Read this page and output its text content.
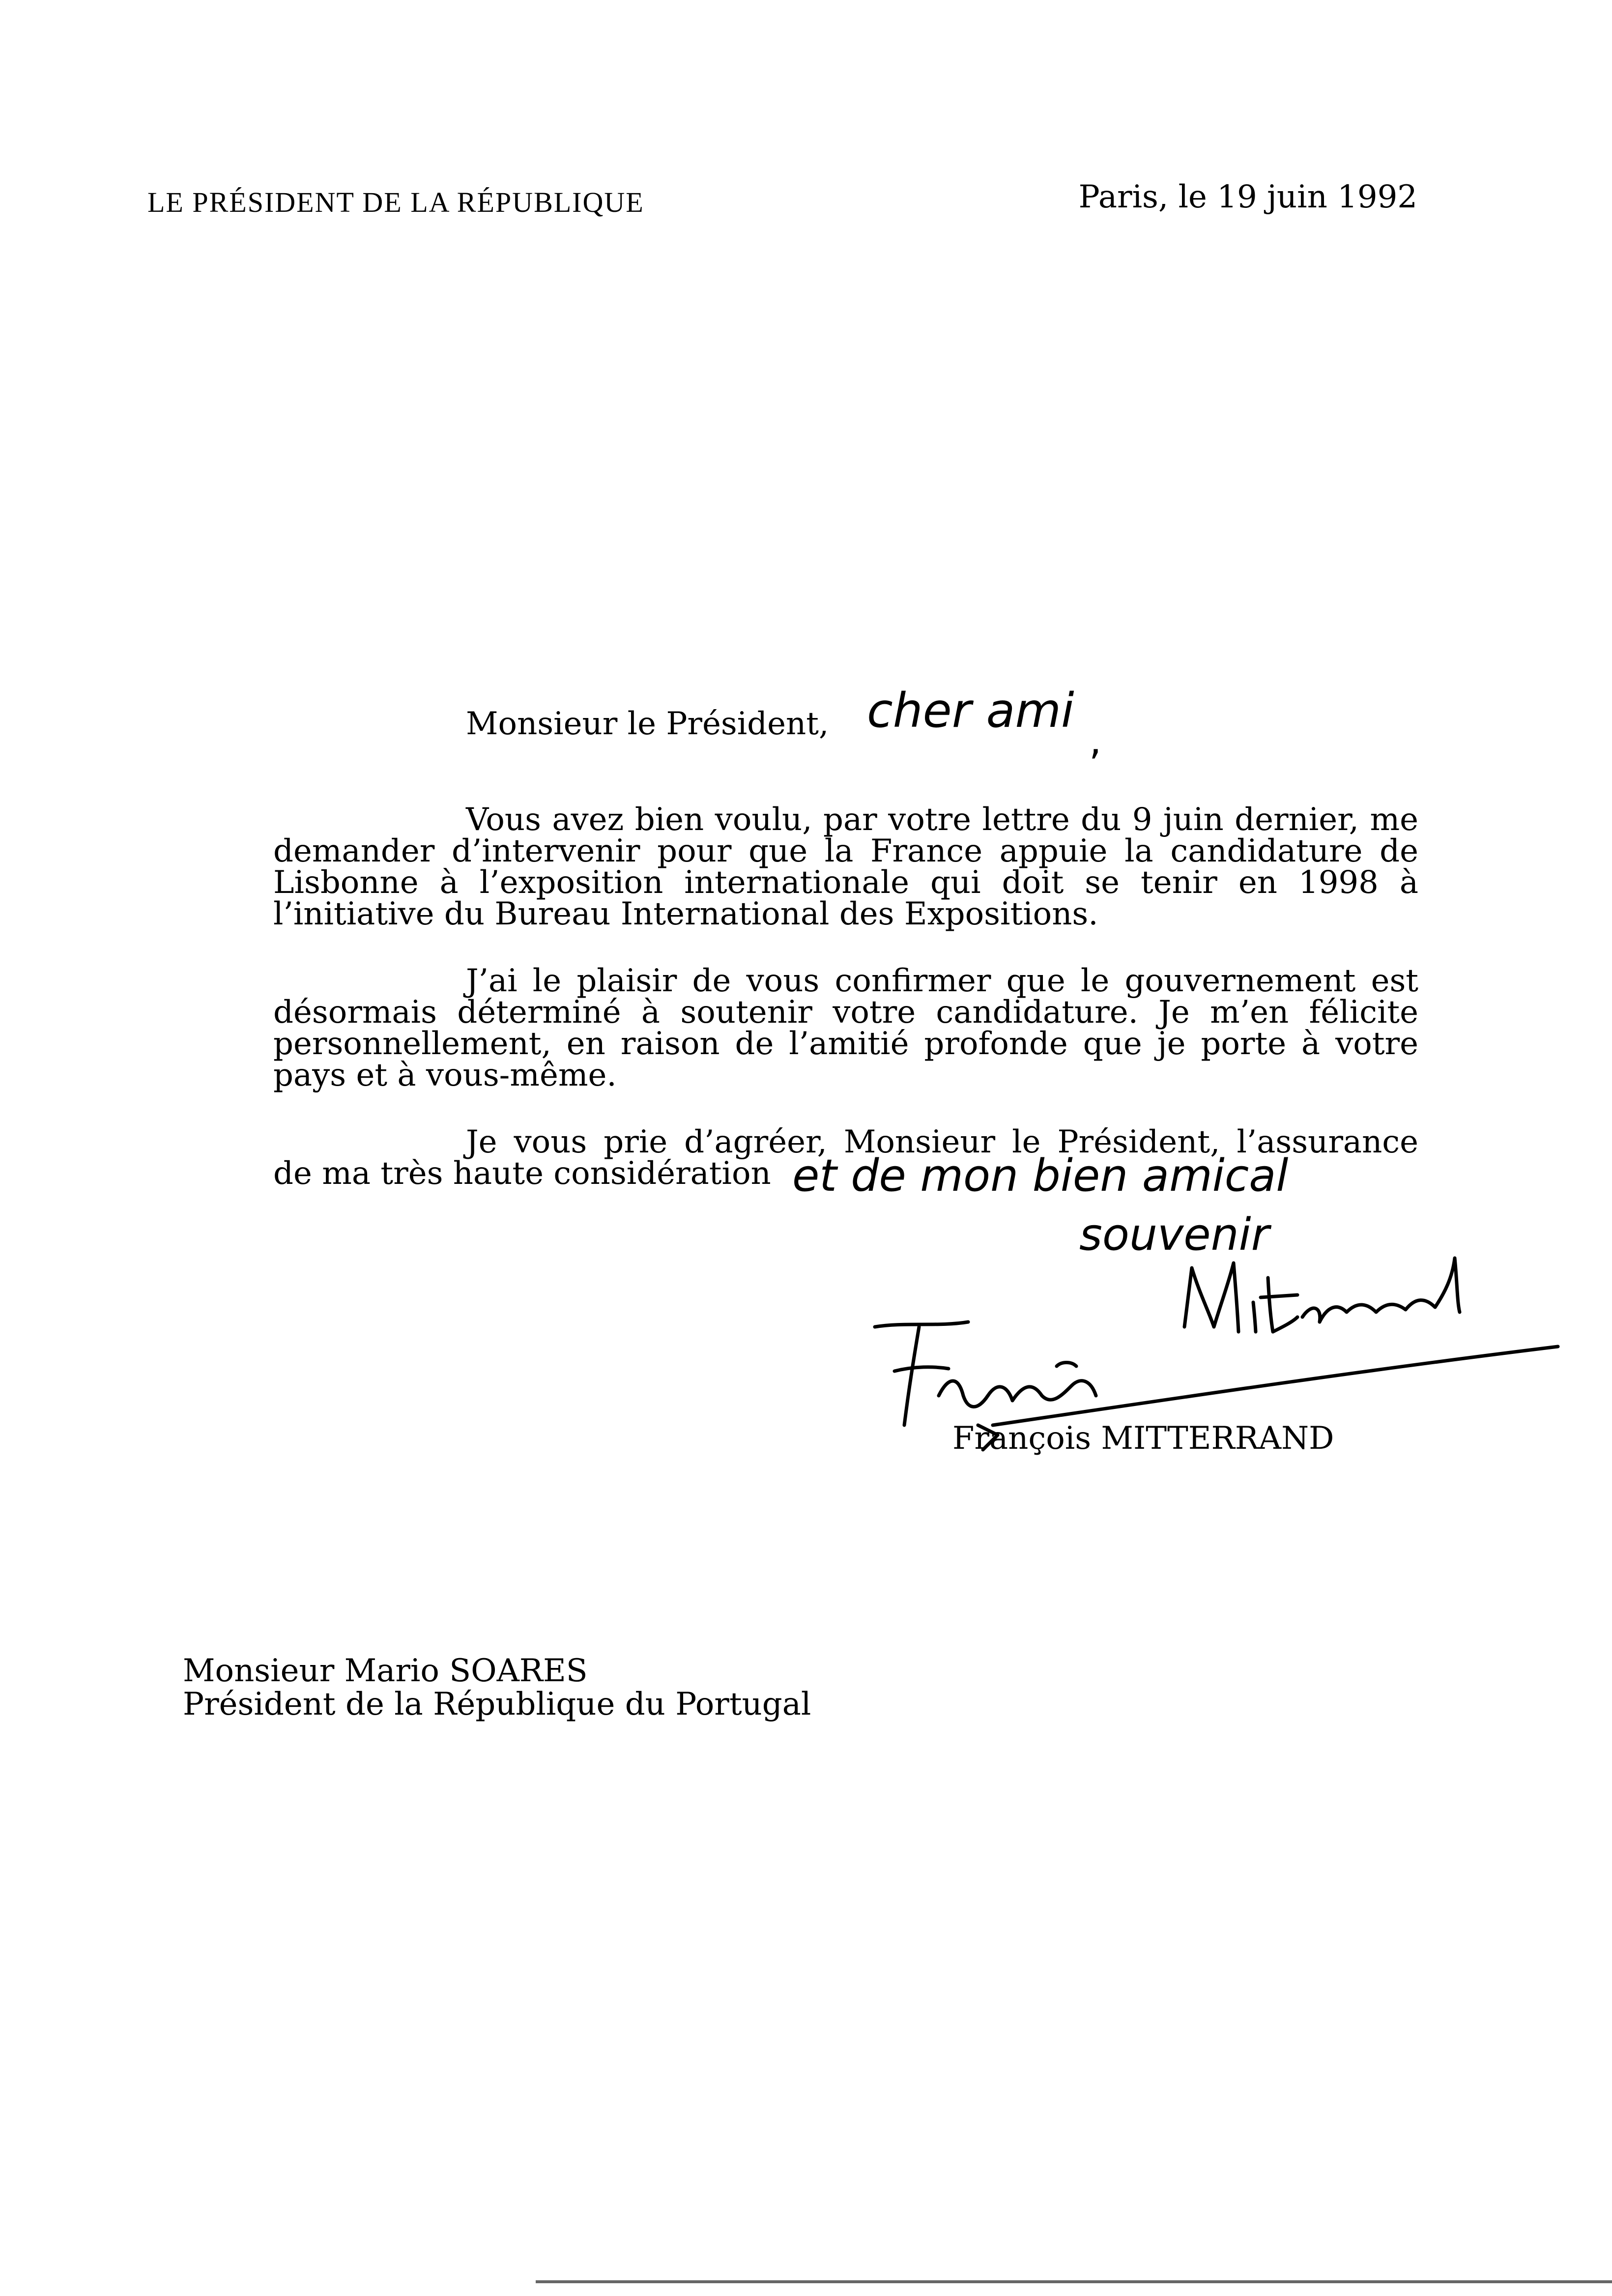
LE PRÉSIDENT DE LA RÉPUBLIQUE	Paris, le 19 juin 1992
Monsieur le Président, cher ami
,

Vous avez bien voulu, par votre lettre du 9 juin dernier, me demander d’intervenir pour que la France appuie la candidature de Lisbonne à l’exposition internationale qui doit se tenir en 1998 à l’initiative du Bureau International des Expositions.

J’ai le plaisir de vous confirmer que le gouvernement est désormais déterminé à soutenir votre candidature. Je m’en félicite personnellement, en raison de l’amitié profonde que je porte à votre pays et à vous-même.

Je vous prie d’agréer, Monsieur le Président, l’assurance de ma très haute considération et de mon bien amical
souvenir
François MITTERRAND
Monsieur Mario SOARES
Président de la République du Portugal
